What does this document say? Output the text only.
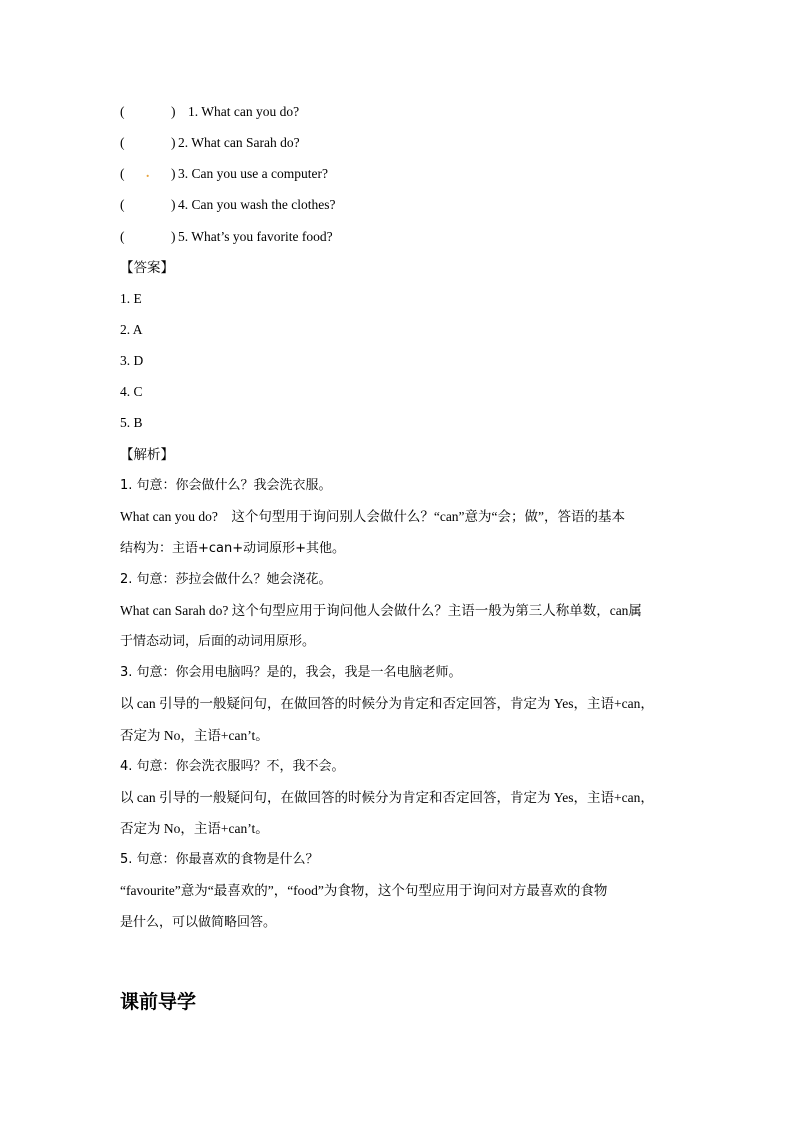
(	) 1. What can you do?
(	) 2. What can Sarah do?
( . ) 3. Can you use a computer?
(	) 4. Can you wash the clothes?
(	) 5. What’s you favorite food?
【答案】
1. E
2. A
3. D
4. C
5. B
【解析】
1. 句意：你会做什么？我会洗衣服。
What can you do?　这个句型用于询问别人会做什么？“can”意为“会；做”，答语的基本
结构为：主语+can+动词原形+其他。
2. 句意：莎拉会做什么？她会浇花。
What can Sarah do? 这个句型应用于询问他人会做什么？主语一般为第三人称单数，can属
于情态动词，后面的动词用原形。
3. 句意：你会用电脑吗？是的，我会，我是一名电脑老师。
以 can 引导的一般疑问句，在做回答的时候分为肯定和否定回答，肯定为 Yes，主语+can，
否定为 No，主语+can’t。
4. 句意：你会洗衣服吗？不，我不会。
以 can 引导的一般疑问句，在做回答的时候分为肯定和否定回答，肯定为 Yes，主语+can，
否定为 No，主语+can’t。
5. 句意：你最喜欢的食物是什么？
“favourite”意为“最喜欢的”，“food”为食物，这个句型应用于询问对方最喜欢的食物
是什么，可以做简略回答。
课前导学
